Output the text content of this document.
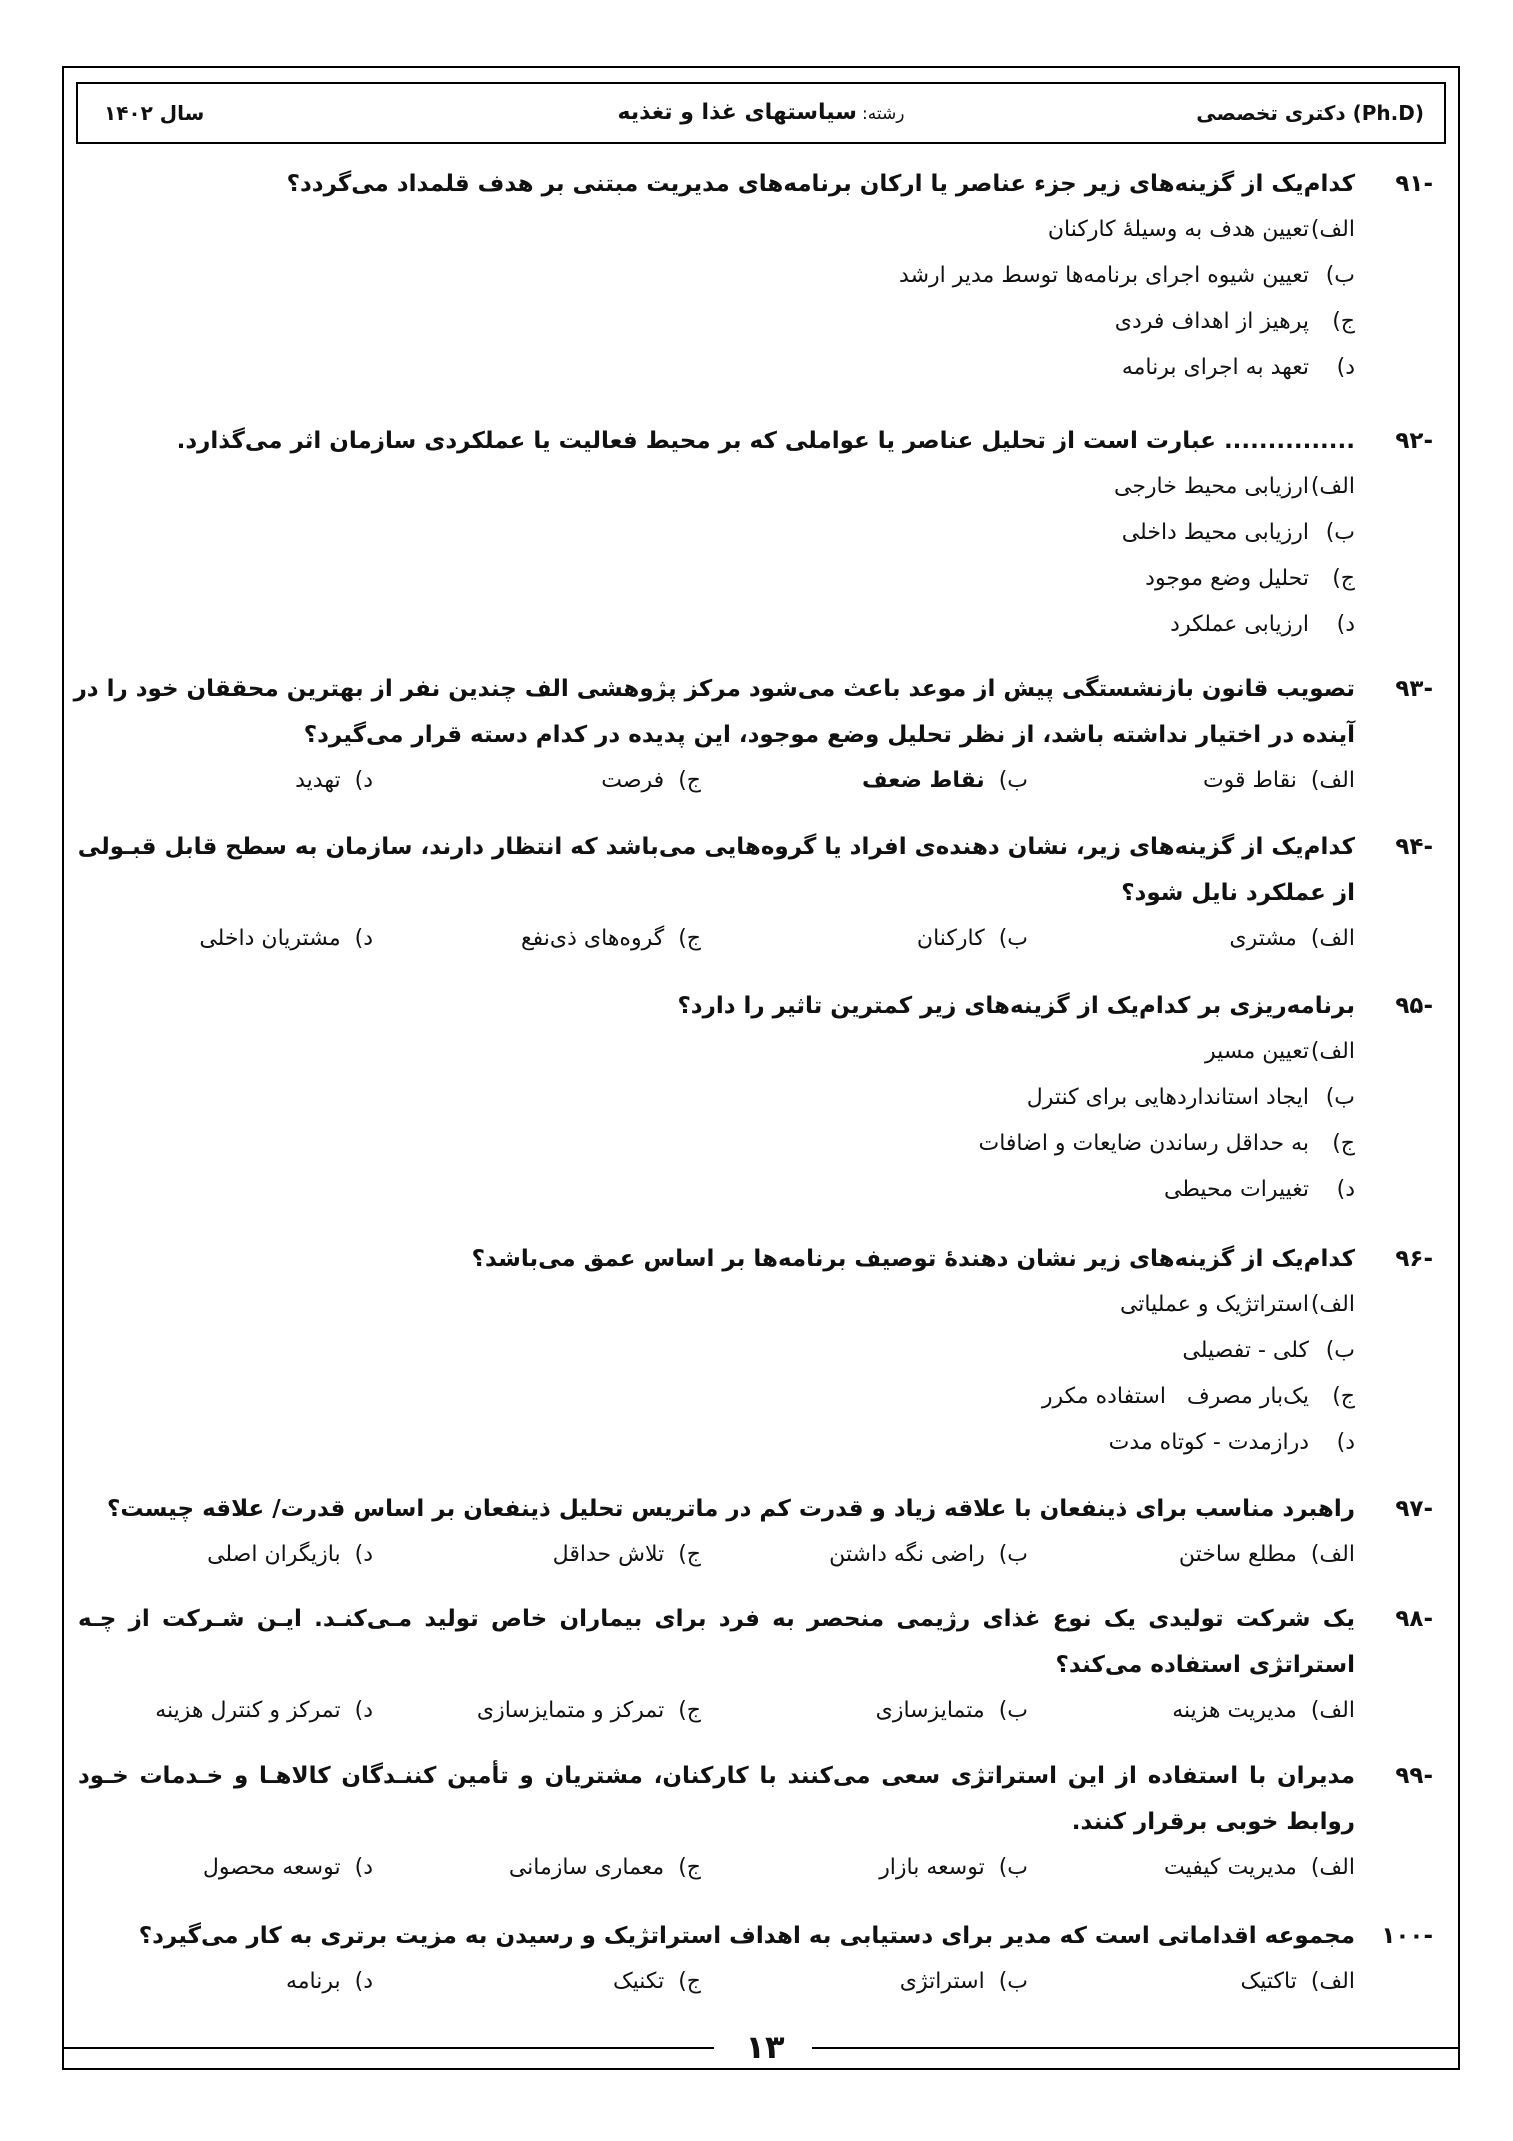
دکتری تخصصی (Ph.D)
رشته: سیاستهای غذا و تغذیه
سال ۱۴۰۲
۹۱-
کدام‌یک از گزینه‌های زیر جزء عناصر یا ارکان برنامه‌های مدیریت مبتنی بر هدف قلمداد می‌گردد؟
الف)
تعیین هدف به وسیلهٔ کارکنان
ب)
تعیین شیوه اجرای برنامه‌ها توسط مدیر ارشد
ج)
پرهیز از اهداف فردی
د)
تعهد به اجرای برنامه
۹۲-
............... عبارت است از تحلیل عناصر یا عواملی که بر محیط فعالیت یا عملکردی سازمان اثر می‌گذارد.
الف)
ارزیابی محیط خارجی
ب)
ارزیابی محیط داخلی
ج)
تحلیل وضع موجود
د)
ارزیابی عملکرد
۹۳-
تصویب قانون بازنشستگی پیش از موعد باعث می‌شود مرکز پژوهشی الف چندین نفر از بهترین محققان خود را در
آینده در اختیار نداشته باشد، از نظر تحلیل وضع موجود، این پدیده در کدام دسته قرار می‌گیرد؟
الف)نقاط قوت
ب)نقاط ضعف
ج)فرصت
د)تهدید
۹۴-
کدام‌یک از گزینه‌های زیر، نشان دهنده‌ی افراد یا گروه‌هایی می‌باشد که انتظار دارند، سازمان به سطح قابل قبـولی
از عملکرد نایل شود؟
الف)مشتری
ب)کارکنان
ج)گروه‌های ذی‌نفع
د)مشتریان داخلی
۹۵-
برنامه‌ریزی بر کدام‌یک از گزینه‌های زیر کمترین تاثیر را دارد؟
الف)
تعیین مسیر
ب)
ایجاد استانداردهایی برای کنترل
ج)
به حداقل رساندن ضایعات و اضافات
د)
تغییرات محیطی
۹۶-
کدام‌یک از گزینه‌های زیر نشان دهندهٔ توصیف برنامه‌ها بر اساس عمق می‌باشد؟
الف)
استراتژیک و عملیاتی
ب)
کلی - تفصیلی
ج)
یک‌بار مصرف   استفاده مکرر
د)
درازمدت - کوتاه مدت
۹۷-
راهبرد مناسب برای ذینفعان با علاقه زیاد و قدرت کم در ماتریس تحلیل ذینفعان بر اساس قدرت/ علاقه چیست؟
الف)مطلع ساختن
ب)راضی نگه داشتن
ج)تلاش حداقل
د)بازیگران اصلی
۹۸-
یک شرکت تولیدی یک نوع غذای رژیمی منحصر به فرد برای بیماران خاص تولید مـی‌کنـد. ایـن شـرکت از چـه
استراتژی استفاده می‌کند؟
الف)مدیریت هزینه
ب)متمایزسازی
ج)تمرکز و متمایزسازی
د)تمرکز و کنترل هزینه
۹۹-
مدیران با استفاده از این استراتژی سعی می‌کنند با کارکنان، مشتریان و تأمین کننـدگان کالاهـا و خـدمات خـود
روابط خوبی برقرار کنند.
الف)مدیریت کیفیت
ب)توسعه بازار
ج)معماری سازمانی
د)توسعه محصول
۱۰۰-
مجموعه اقداماتی است که مدیر برای دستیابی به اهداف استراتژیک و رسیدن به مزیت برتری به کار می‌گیرد؟
الف)تاکتیک
ب)استراتژی
ج)تکنیک
د)برنامه
۱۳
